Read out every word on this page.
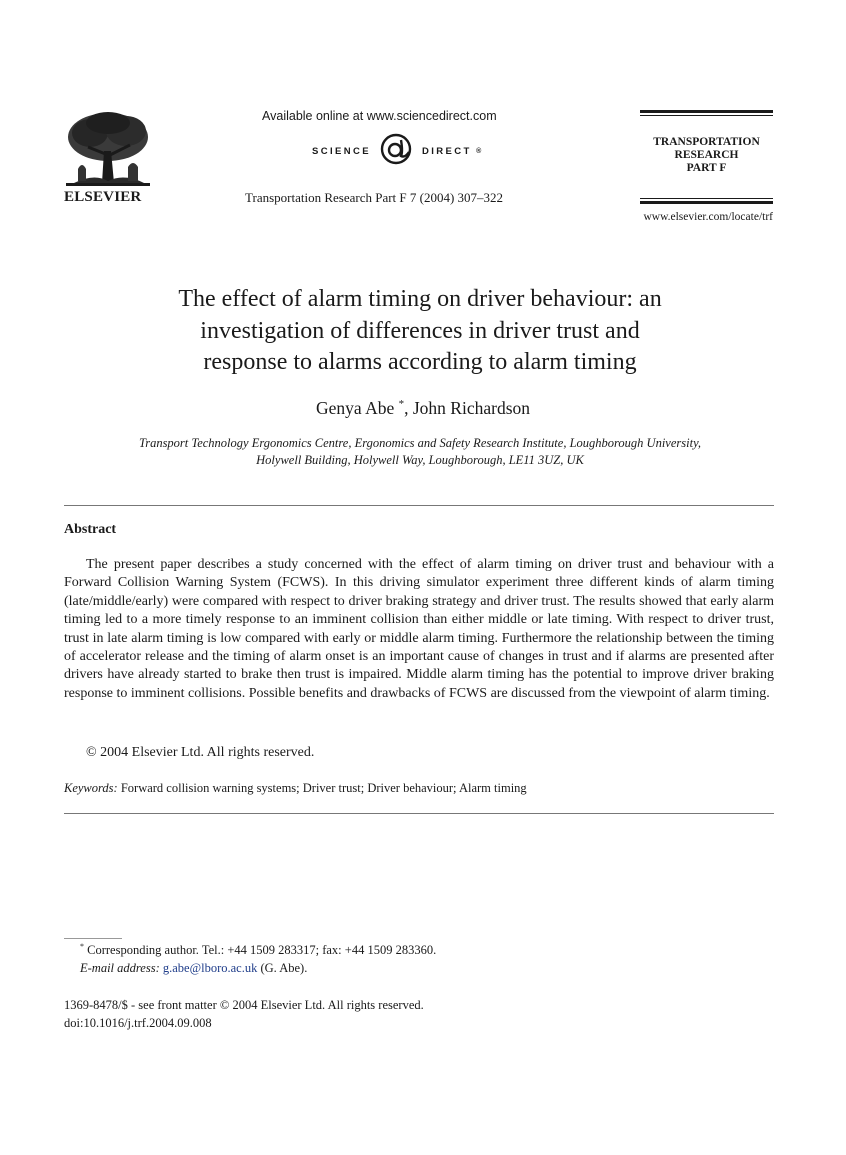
ELSEVIER
Available online at www.sciencedirect.com
SCIENCE	DIRECT ®
Transportation Research Part F 7 (2004) 307–322
TRANSPORTATION
RESEARCH
PART F
www.elsevier.com/locate/trf
The effect of alarm timing on driver behaviour: an
investigation of differences in driver trust and
response to alarms according to alarm timing
Genya Abe *, John Richardson
Transport Technology Ergonomics Centre, Ergonomics and Safety Research Institute, Loughborough University,
Holywell Building, Holywell Way, Loughborough, LE11 3UZ, UK
Abstract
The present paper describes a study concerned with the effect of alarm timing on driver trust and behaviour with a Forward Collision Warning System (FCWS). In this driving simulator experiment three different kinds of alarm timing (late/middle/early) were compared with respect to driver braking strategy and driver trust. The results showed that early alarm timing led to a more timely response to an imminent collision than either middle or late timing. With respect to driver trust, trust in late alarm timing is low compared with early or middle alarm timing. Furthermore the relationship between the timing of accelerator release and the timing of alarm onset is an important cause of changes in trust and if alarms are presented after drivers have already started to brake then trust is impaired. Middle alarm timing has the potential to improve driver braking response to imminent collisions. Possible benefits and drawbacks of FCWS are discussed from the viewpoint of alarm timing.
© 2004 Elsevier Ltd. All rights reserved.
Keywords: Forward collision warning systems; Driver trust; Driver behaviour; Alarm timing
* Corresponding author. Tel.: +44 1509 283317; fax: +44 1509 283360.
E-mail address: g.abe@lboro.ac.uk (G. Abe).
1369-8478/$ - see front matter © 2004 Elsevier Ltd. All rights reserved.
doi:10.1016/j.trf.2004.09.008
